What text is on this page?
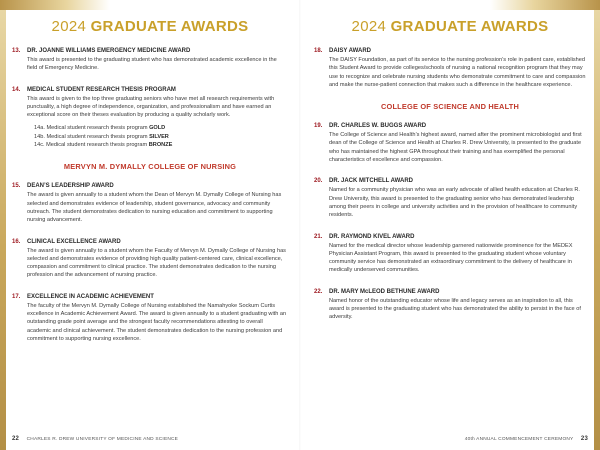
2024 GRADUATE AWARDS
13.	DR. JOANNE WILLIAMS EMERGENCY MEDICINE AWARD
This award is presented to the graduating student who has demonstrated academic excellence in the field of Emergency Medicine.
14.	MEDICAL STUDENT RESEARCH THESIS PROGRAM
This award is given to the top three graduating seniors who have met all research requirements with punctuality, a high degree of independence, organization, and professionalism and have earned an exceptional score on their theses evaluation by producing a quality scholarly work.
14a. Medical student research thesis program GOLD
14b. Medical student research thesis program SILVER
14c. Medical student research thesis program BRONZE
MERVYN M. DYMALLY COLLEGE OF NURSING
15.	DEAN’S LEADERSHIP AWARD
The award is given annually to a student whom the Dean of Mervyn M. Dymally College of Nursing has selected and demonstrates evidence of leadership, student governance, advocacy and community outreach. The student demonstrates dedication to nursing education and commitment to supporting nursing advancement.
16.	CLINICAL EXCELLENCE AWARD
The award is given annually to a student whom the Faculty of Mervyn M. Dymally College of Nursing has selected and demonstrates evidence of providing high quality patient-centered care, clinical excellence, compassion and commitment to clinical practice. The student demonstrates dedication to the nursing profession and the advancement of nursing practice.
17.	EXCELLENCE IN ACADEMIC ACHIEVEMENT
The faculty of the Mervyn M. Dymally College of Nursing established the Namahyoke Sockum Curtis excellence in Academic Achievement Award. The award is given annually to a student graduating with an outstanding grade point average and the strongest faculty recommendations attesting to overall academic and clinical achievement. The student demonstrates dedication to the nursing profession and commitment to supporting nursing excellence.
22 CHARLES R. DREW UNIVERSITY OF MEDICINE AND SCIENCE
2024 GRADUATE AWARDS
18.	DAISY AWARD
The DAISY Foundation, as part of its service to the nursing profession’s role in patient care, established this Student Award to provide colleges/schools of nursing a national recognition program that they may use to recognize and celebrate nursing students who demonstrate commitment to care and compassion and make the nurse-patient connection that makes such a difference in the healthcare experience.
COLLEGE OF SCIENCE AND HEALTH
19.	DR. CHARLES W. BUGGS AWARD
The College of Science and Health’s highest award, named after the prominent microbiologist and first dean of the College of Science and Health at Charles R. Drew University, is presented to the graduate who has maintained the highest GPA throughout their training and has exemplified the personal characteristics of excellence and compassion.
20.	DR. JACK MITCHELL AWARD
Named for a community physician who was an early advocate of allied health education at Charles R. Drew University, this award is presented to the graduating senior who has demonstrated leadership among their peers in college and university activities and in the provision of healthcare to community residents.
21.	DR. RAYMOND KIVEL AWARD
Named for the medical director whose leadership garnered nationwide prominence for the MEDEX Physician Assistant Program, this award is presented to the graduating student whose voluntary community service has demonstrated an extraordinary commitment to the delivery of healthcare in medically underserved communities.
22.	DR. MARY McLEOD BETHUNE AWARD
Named honor of the outstanding educator whose life and legacy serves as an inspiration to all, this award is presented to the graduating student who has demonstrated the ability to persist in the face of adversity.
40th ANNUAL COMMENCEMENT CEREMONY 23
